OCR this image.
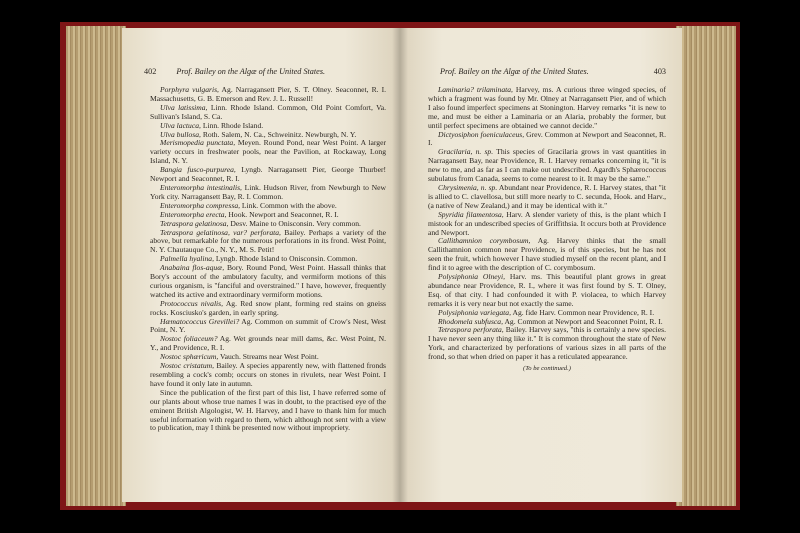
402 Prof. Bailey on the Algæ of the United States.

Porphyra vulgaris, Ag. Narragansett Pier, S. T. Olney. Seaconnet, R. I. Massachusetts, G. B. Emerson and Rev. J. L. Russell!

Ulva latissima, Linn. Rhode Island. Common, Old Point Comfort, Va. Sullivan's Island, S. Ca.

Ulva lactuca, Linn. Rhode Island.

Ulva bullosa, Roth. Salem, N. Ca., Schweinitz. Newburgh, N. Y.

Merismopedia punctata, Meyen. Round Pond, near West Point. A larger variety occurs in freshwater pools, near the Pavilion, at Rockaway, Long Island, N. Y.

Bangia fusco-purpurea, Lyngb. Narragansett Pier, George Thurber! Newport and Seaconnet, R. I.

Enteromorpha intestinalis, Link. Hudson River, from Newburgh to New York city. Narragansett Bay, R. I. Common.

Enteromorpha compressa, Link. Common with the above.

Enteromorpha erecta, Hook. Newport and Seaconnet, R. I.

Tetraspora gelatinosa, Desv. Maine to Onisconsin. Very common.

Tetraspora gelatinosa, var? perforata, Bailey. Perhaps a variety of the above, but remarkable for the numerous perforations in its frond. West Point, N. Y. Chautauque Co., N. Y., M. S. Petit!

Palmella hyalina, Lyngb. Rhode Island to Onisconsin. Common.

Anabaina flos-aquæ, Bory. Round Pond, West Point. Hassall thinks that Bory's account of the ambulatory faculty, and vermiform motions of this curious organism, is "fanciful and overstrained." I have, however, frequently watched its active and extraordinary vermiform motions.

Protococcus nivalis, Ag. Red snow plant, forming red stains on gneiss rocks. Kosciusko's garden, in early spring.

Hæmatococcus Grevillei? Ag. Common on summit of Crow's Nest, West Point, N. Y.

Nostoc foliaceum? Ag. Wet grounds near mill dams, &c. West Point, N. Y., and Providence, R. I.

Nostoc sphæricum, Vauch. Streams near West Point.

Nostoc cristatum, Bailey. A species apparently new, with flattened fronds resembling a cock's comb; occurs on stones in rivulets, near West Point. I have found it only late in autumn.

Since the publication of the first part of this list, I have referred some of our plants about whose true names I was in doubt, to the practised eye of the eminent British Algologist, W. H. Harvey, and I have to thank him for much useful information with regard to them, which although not sent with a view to publication, may I think be presented now without impropriety.

Prof. Bailey on the Algæ of the United States.	403

Laminaria? trilaminata, Harvey, ms. A curious three winged species, of which a fragment was found by Mr. Olney at Narragansett Pier, and of which I also found imperfect specimens at Stonington. Harvey remarks "it is new to me, and must be either a Laminaria or an Alaria, probably the former, but until perfect specimens are obtained we cannot decide."

Dictyosiphon foeniculaceus, Grev. Common at Newport and Seaconnet, R. I.

Gracilaria, n. sp. This species of Gracilaria grows in vast quantities in Narragansett Bay, near Providence, R. I. Harvey remarks concerning it, "it is new to me, and as far as I can make out undescribed. Agardh's Sphærococcus subulatus from Canada, seems to come nearest to it. It may be the same."

Chrysimenia, n. sp. Abundant near Providence, R. I. Harvey states, that "it is allied to C. clavellosa, but still more nearly to C. secunda, Hook. and Harv., (a native of New Zealand,) and it may be identical with it."

Spyridia filamentosa, Harv. A slender variety of this, is the plant which I mistook for an undescribed species of Griffithsia. It occurs both at Providence and Newport.

Callithamnion corymbosum, Ag. Harvey thinks that the small Callithamnion common near Providence, is of this species, but he has not seen the fruit, which however I have studied myself on the recent plant, and I find it to agree with the description of C. corymbosum.

Polysiphonia Olneyi, Harv. ms. This beautiful plant grows in great abundance near Providence, R. I., where it was first found by S. T. Olney, Esq. of that city. I had confounded it with P. violacea, to which Harvey remarks it is very near but not exactly the same.

Polysiphonia variegata, Ag. fide Harv. Common near Providence, R. I.

Rhodomela subfusca, Ag. Common at Newport and Seaconnet Point, R. I.

Tetraspora perforata, Bailey. Harvey says, "this is certainly a new species. I have never seen any thing like it." It is common throughout the state of New York, and characterized by perforations of various sizes in all parts of the frond, so that when dried on paper it has a reticulated appearance.

(To be continued.)
